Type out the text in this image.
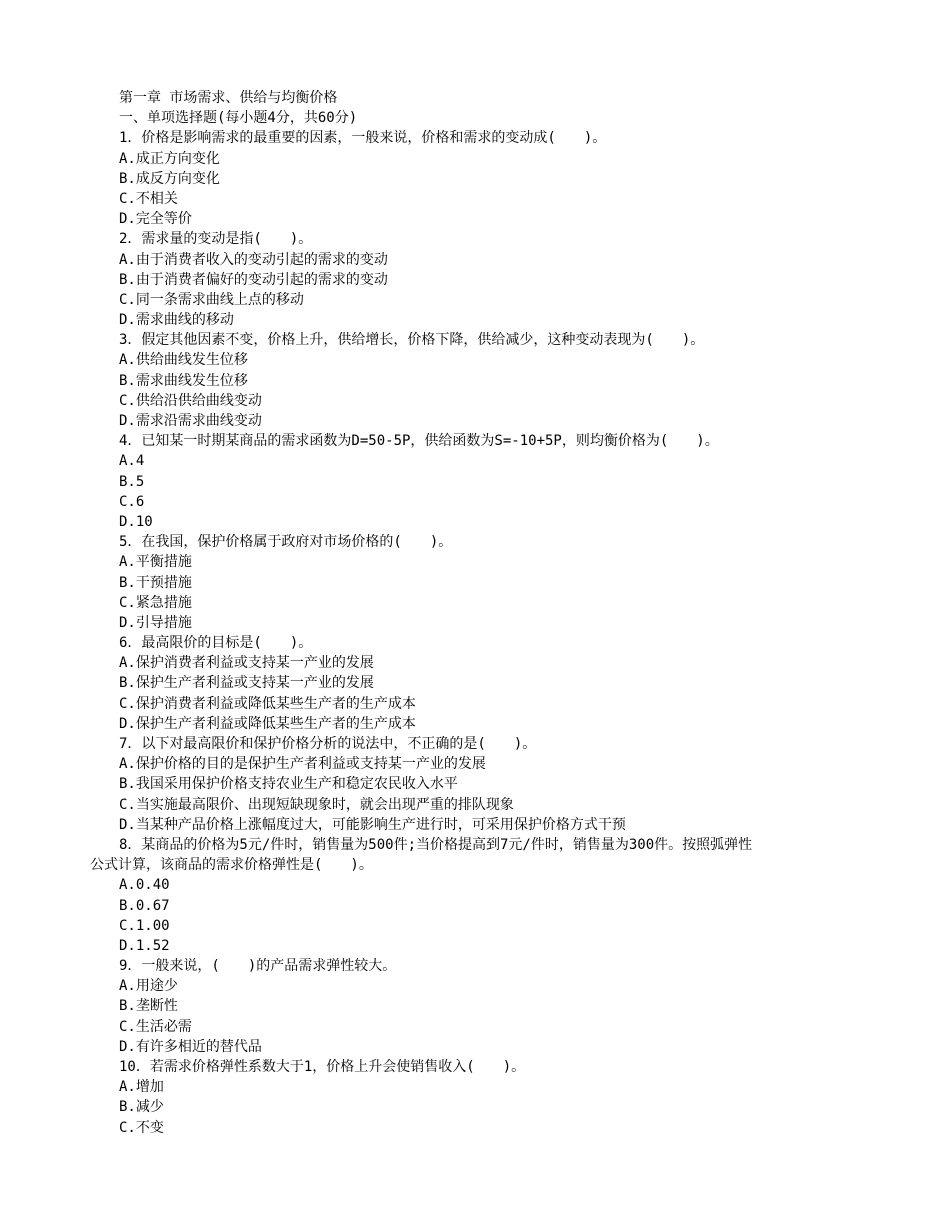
第一章 市场需求、供给与均衡价格
一、单项选择题(每小题4分，共60分)
1．价格是影响需求的最重要的因素，一般来说，价格和需求的变动成(　　)。
A.成正方向变化
B.成反方向变化
C.不相关
D.完全等价
2．需求量的变动是指(　　)。
A.由于消费者收入的变动引起的需求的变动
B.由于消费者偏好的变动引起的需求的变动
C.同一条需求曲线上点的移动
D.需求曲线的移动
3．假定其他因素不变，价格上升，供给增长，价格下降，供给减少，这种变动表现为(　　)。
A.供给曲线发生位移
B.需求曲线发生位移
C.供给沿供给曲线变动
D.需求沿需求曲线变动
4．已知某一时期某商品的需求函数为D=50-5P，供给函数为S=-10+5P，则均衡价格为(　　)。
A.4
B.5
C.6
D.10
5．在我国，保护价格属于政府对市场价格的(　　)。
A.平衡措施
B.干预措施
C.紧急措施
D.引导措施
6．最高限价的目标是(　　)。
A.保护消费者利益或支持某一产业的发展
B.保护生产者利益或支持某一产业的发展
C.保护消费者利益或降低某些生产者的生产成本
D.保护生产者利益或降低某些生产者的生产成本
7．以下对最高限价和保护价格分析的说法中，不正确的是(　　)。
A.保护价格的目的是保护生产者利益或支持某一产业的发展
B.我国采用保护价格支持农业生产和稳定农民收入水平
C.当实施最高限价、出现短缺现象时，就会出现严重的排队现象
D.当某种产品价格上涨幅度过大，可能影响生产进行时，可采用保护价格方式干预
8．某商品的价格为5元/件时，销售量为500件;当价格提高到7元/件时，销售量为300件。按照弧弹性
公式计算，该商品的需求价格弹性是(　　)。
A.0.40
B.0.67
C.1.00
D.1.52
9．一般来说，(　　)的产品需求弹性较大。
A.用途少
B.垄断性
C.生活必需
D.有许多相近的替代品
10．若需求价格弹性系数大于1，价格上升会使销售收入(　　)。
A.增加
B.减少
C.不变
